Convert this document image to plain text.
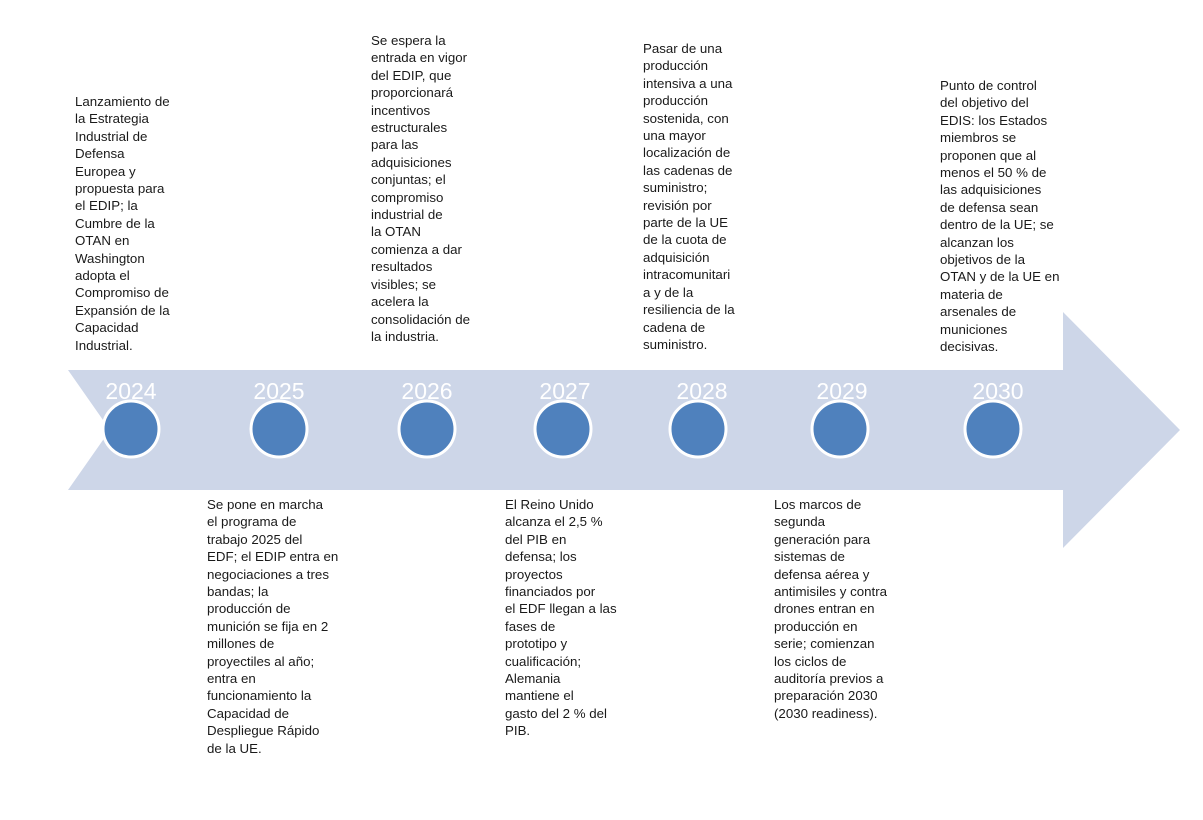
2024	2025	2026	2027	2028	2029	2030
Lanzamiento de
la Estrategia
Industrial de
Defensa
Europea y
propuesta para
el EDIP; la
Cumbre de la
OTAN en
Washington
adopta el
Compromiso de
Expansión de la
Capacidad
Industrial.
Se pone en marcha
el programa de
trabajo 2025 del
EDF; el EDIP entra en
negociaciones a tres
bandas; la
producción de
munición se fija en 2
millones de
proyectiles al año;
entra en
funcionamiento la
Capacidad de
Despliegue Rápido
de la UE.
Se espera la
entrada en vigor
del EDIP, que
proporcionará
incentivos
estructurales
para las
adquisiciones
conjuntas; el
compromiso
industrial de
la OTAN
comienza a dar
resultados
visibles; se
acelera la
consolidación de
la industria.
El Reino Unido
alcanza el 2,5 %
del PIB en
defensa; los
proyectos
financiados por
el EDF llegan a las
fases de
prototipo y
cualificación;
Alemania
mantiene el
gasto del 2 % del
PIB.
Pasar de una
producción
intensiva a una
producción
sostenida, con
una mayor
localización de
las cadenas de
suministro;
revisión por
parte de la UE
de la cuota de
adquisición
intracomunitari
a y de la
resiliencia de la
cadena de
suministro.
Los marcos de
segunda
generación para
sistemas de
defensa aérea y
antimisiles y contra
drones entran en
producción en
serie; comienzan
los ciclos de
auditoría previos a
preparación 2030
(2030 readiness).
Punto de control
del objetivo del
EDIS: los Estados
miembros se
proponen que al
menos el 50 % de
las adquisiciones
de defensa sean
dentro de la UE; se
alcanzan los
objetivos de la
OTAN y de la UE en
materia de
arsenales de
municiones
decisivas.
